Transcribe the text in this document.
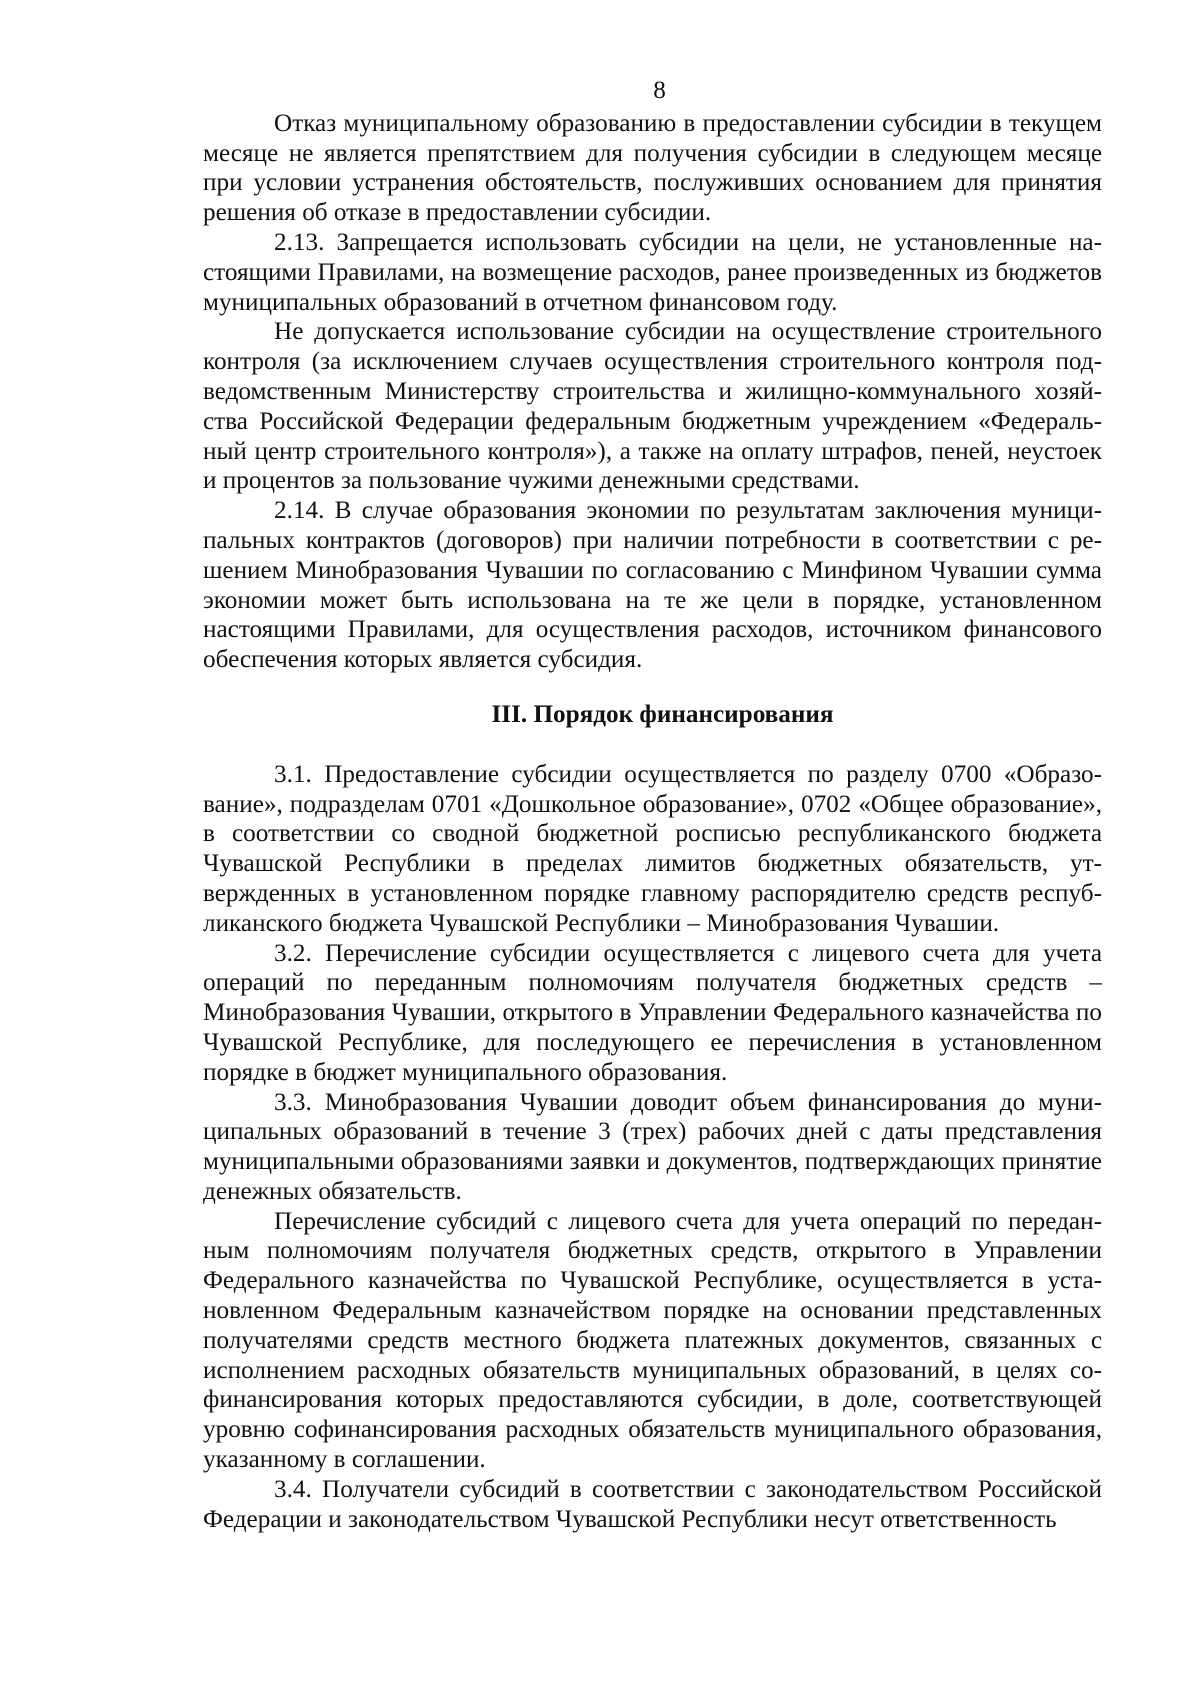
8

Отказ муниципальному образованию в предоставлении субсидии в текущем месяце не является препятствием для получения субсидии в следующем месяце при условии устранения обстоятельств, послуживших основанием для принятия решения об отказе в предоставлении субсидии.

2.13. Запрещается использовать субсидии на цели, не установленные настоящими Правилами, на возмещение расходов, ранее произведенных из бюджетов муниципальных образований в отчетном финансовом году.

Не допускается использование субсидии на осуществление строительного контроля (за исключением случаев осуществления строительного контроля подведомственным Министерству строительства и жилищно-коммунального хозяйства Российской Федерации федеральным бюджетным учреждением «Федеральный центр строительного контроля»), а также на оплату штрафов, пеней, неустоек и процентов за пользование чужими денежными средствами.

2.14. В случае образования экономии по результатам заключения муниципальных контрактов (договоров) при наличии потребности в соответствии с решением Минобразования Чувашии по согласованию с Минфином Чувашии сумма экономии может быть использована на те же цели в порядке, установленном настоящими Правилами, для осуществления расходов, источником финансового обеспечения которых является субсидия.

III. Порядок финансирования

3.1. Предоставление субсидии осуществляется по разделу 0700 «Образование», подразделам 0701 «Дошкольное образование», 0702 «Общее образование», в соответствии со сводной бюджетной росписью республиканского бюджета Чувашской Республики в пределах лимитов бюджетных обязательств, утвержденных в установленном порядке главному распорядителю средств республиканского бюджета Чувашской Республики – Минобразования Чувашии.

3.2. Перечисление субсидии осуществляется с лицевого счета для учета операций по переданным полномочиям получателя бюджетных средств – Минобразования Чувашии, открытого в Управлении Федерального казначейства по Чувашской Республике, для последующего ее перечисления в установленном порядке в бюджет муниципального образования.

3.3. Минобразования Чувашии доводит объем финансирования до муниципальных образований в течение 3 (трех) рабочих дней с даты представления муниципальными образованиями заявки и документов, подтверждающих принятие денежных обязательств.

Перечисление субсидий с лицевого счета для учета операций по переданным полномочиям получателя бюджетных средств, открытого в Управлении Федерального казначейства по Чувашской Республике, осуществляется в установленном Федеральным казначейством порядке на основании представленных получателями средств местного бюджета платежных документов, связанных с исполнением расходных обязательств муниципальных образований, в целях софинансирования которых предоставляются субсидии, в доле, соответствующей уровню софинансирования расходных обязательств муниципального образования, указанному в соглашении.

3.4. Получатели субсидий в соответствии с законодательством Российской Федерации и законодательством Чувашской Республики несут ответственность
